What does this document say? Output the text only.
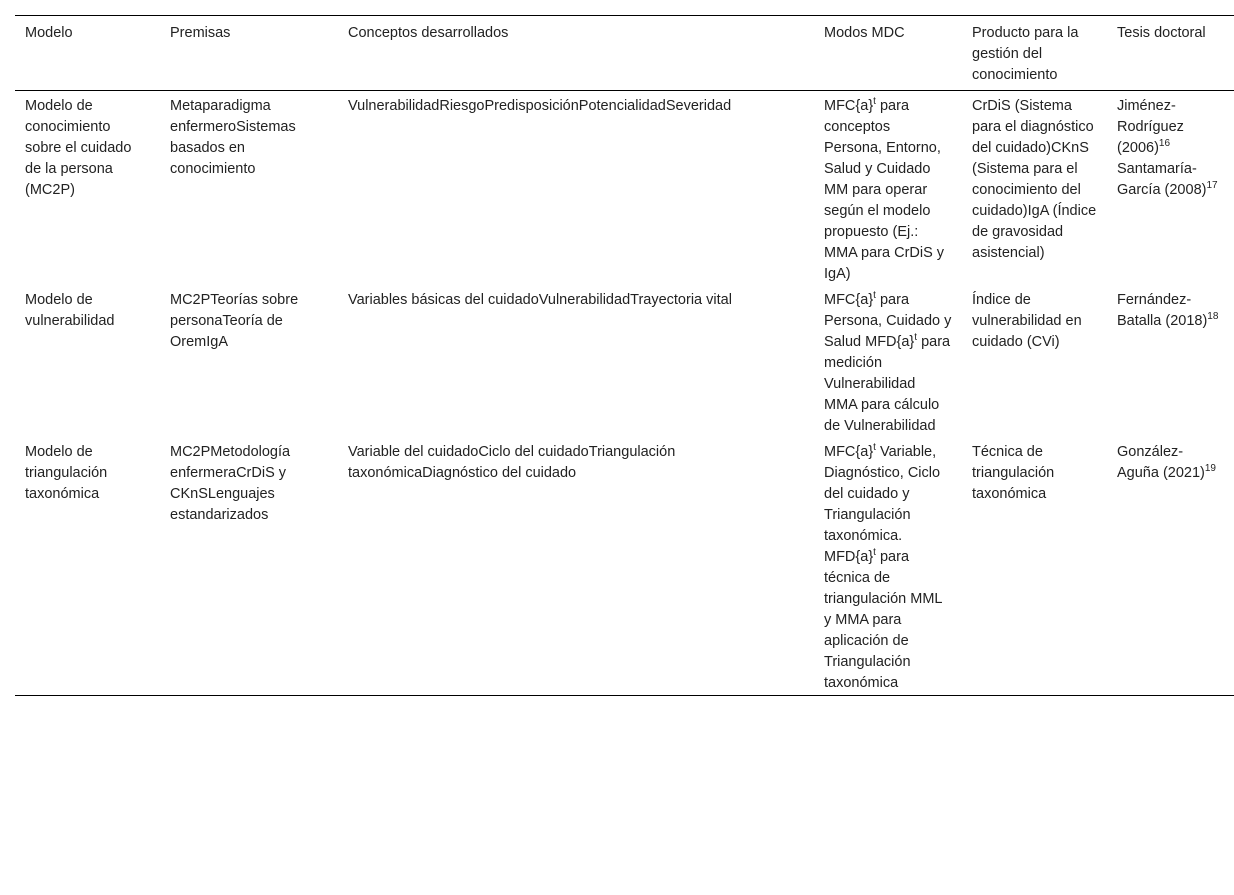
Modelo	Premisas	Conceptos desarrollados	Modos MDC	Producto para la gestión del conocimiento	Tesis doctoral
Modelo de conocimiento sobre el cuidado de la persona (MC2P)	Metaparadigma enfermeroSistemas basados en conocimiento	VulnerabilidadRiesgoPredisposiciónPotencialidadSeveridad	$MFC\{a\}^t$ para conceptos Persona, Entorno, Salud y Cuidado MM para operar según el modelo propuesto (Ej.: MMA para CrDiS y IgA)	CrDiS (Sistema para el diagnóstico del cuidado)CKnS (Sistema para el conocimiento del cuidado)IgA (Índice de gravosidad asistencial)	Jiménez-Rodríguez $(2006)^{16}$ Santamaría-García $(2008)^{17}$
Modelo de vulnerabilidad	MC2PTeorías sobre personaTeoría de OremIgA	Variables básicas del cuidadoVulnerabilidadTrayectoria vital	$MFC\{a\}^t$ para Persona, Cuidado y Salud $MFD\{a\}^t$ para medición Vulnerabilidad MMA para cálculo de Vulnerabilidad	Índice de vulnerabilidad en cuidado (CVi)	Fernández-Batalla $(2018)^{18}$
Modelo de triangulación taxonómica	MC2PMetodología enfermeraCrDiS y CKnSLenguajes estandarizados	Variable del cuidadoCiclo del cuidadoTriangulación taxonómicaDiagnóstico del cuidado	$MFC\{a\}^t$ Variable, Diagnóstico, Ciclo del cuidado y Triangulación taxonómica. $MFD\{a\}^t$ para técnica de triangulación MML y MMA para aplicación de Triangulación taxonómica	Técnica de triangulación taxonómica	González-Aguña $(2021)^{19}$
